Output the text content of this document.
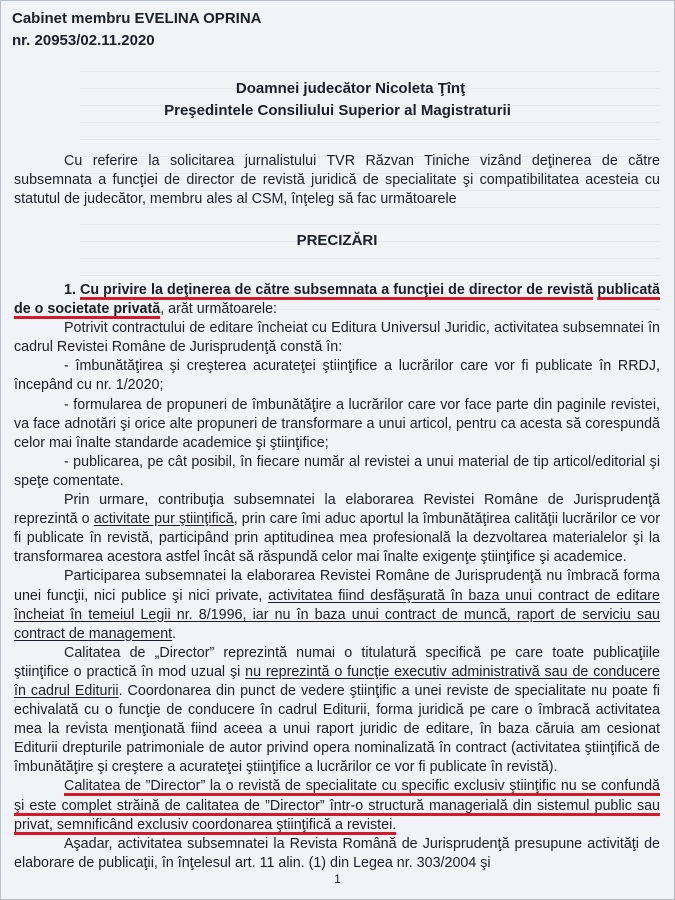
Cabinet membru EVELINA OPRINA
nr. 20953/02.11.2020
Doamnei judecător Nicoleta Ţînţ
Preşedintele Consiliului Superior al Magistraturii
Cu referire la solicitarea jurnalistului TVR Răzvan Tiniche vizând deţinerea de către subsemnata a funcţiei de director de revistă juridică de specialitate şi compatibilitatea acesteia cu statutul de judecător, membru ales al CSM, înţeleg să fac următoarele
PRECIZĂRI
1. Cu privire la deţinerea de către subsemnata a funcţiei de director de revistă publicată de o societate privată, arăt următoarele:
Potrivit contractului de editare încheiat cu Editura Universul Juridic, activitatea subsemnatei în cadrul Revistei Române de Jurisprudenţă constă în:
- îmbunătăţirea şi creşterea acurateţei ştiinţifice a lucrărilor care vor fi publicate în RRDJ, începând cu nr. 1/2020;
- formularea de propuneri de îmbunătăţire a lucrărilor care vor face parte din paginile revistei, va face adnotări şi orice alte propuneri de transformare a unui articol, pentru ca acesta să corespundă celor mai înalte standarde academice şi ştiinţifice;
- publicarea, pe cât posibil, în fiecare număr al revistei a unui material de tip articol/editorial şi speţe comentate.
Prin urmare, contribuţia subsemnatei la elaborarea Revistei Române de Jurisprudenţă reprezintă o activitate pur ştiinţifică, prin care îmi aduc aportul la îmbunătăţirea calităţii lucrărilor ce vor fi publicate în revistă, participând prin aptitudinea mea profesională la dezvoltarea materialelor şi la transformarea acestora astfel încât să răspundă celor mai înalte exigenţe ştiinţifice şi academice.
Participarea subsemnatei la elaborarea Revistei Române de Jurisprudenţă nu îmbracă forma unei funcţii, nici publice şi nici private, activitatea fiind desfăşurată în baza unui contract de editare încheiat în temeiul Legii nr. 8/1996, iar nu în baza unui contract de muncă, raport de serviciu sau contract de management.
Calitatea de „Director” reprezintă numai o titulatură specifică pe care toate publicaţiile ştiinţifice o practică în mod uzual şi nu reprezintă o funcţie executiv administrativă sau de conducere în cadrul Editurii. Coordonarea din punct de vedere ştiinţific a unei reviste de specialitate nu poate fi echivalată cu o funcţie de conducere în cadrul Editurii, forma juridică pe care o îmbracă activitatea mea la revista menţionată fiind aceea a unui raport juridic de editare, în baza căruia am cesionat Editurii drepturile patrimoniale de autor privind opera nominalizată în contract (activitatea ştiinţifică de îmbunătăţire şi creştere a acurateţei ştiinţifice a lucrărilor ce vor fi publicate în revistă).
Calitatea de ”Director” la o revistă de specialitate cu specific exclusiv ştiinţific nu se confundă şi este complet străină de calitatea de ”Director” într-o structură managerială din sistemul public sau privat, semnificând exclusiv coordonarea ştiinţifică a revistei.
Aşadar, activitatea subsemnatei la Revista Română de Jurisprudenţă presupune activităţi de elaborare de publicaţii, în înţelesul art. 11 alin. (1) din Legea nr. 303/2004 şi
1
